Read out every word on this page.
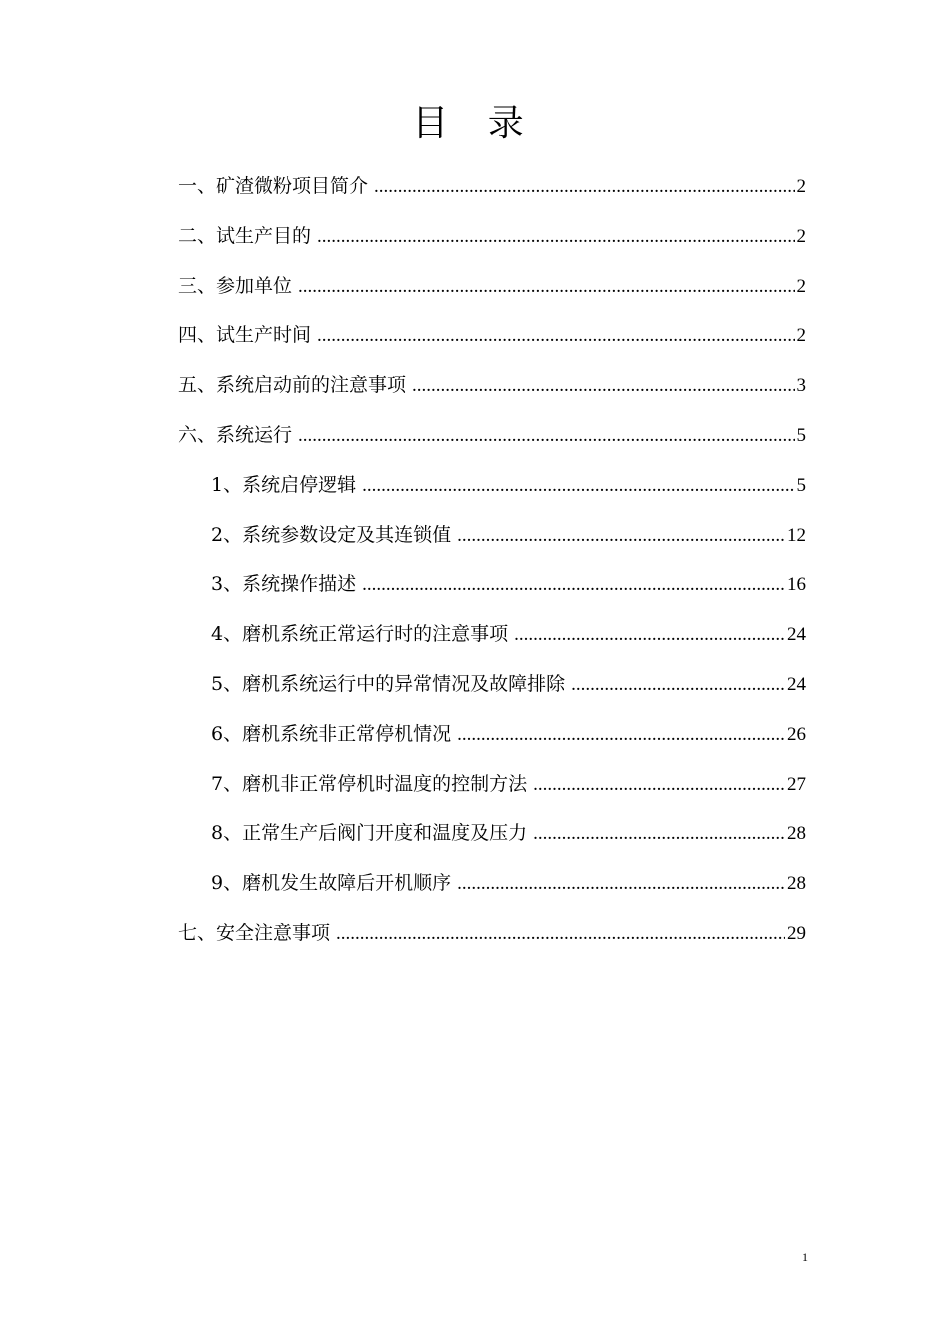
目 录
一、矿渣微粉项目简介 .....	2
二、试生产目的 .....	2
三、参加单位 .....	2
四、试生产时间 .....	2
五、系统启动前的注意事项 .....	3
六、系统运行 .....	5
1、系统启停逻辑 .....	5
2、系统参数设定及其连锁值 .....	12
3、系统操作描述 .....	16
4、磨机系统正常运行时的注意事项 .....	24
5、磨机系统运行中的异常情况及故障排除 .....	24
6、磨机系统非正常停机情况 .....	26
7、磨机非正常停机时温度的控制方法 .....	27
8、正常生产后阀门开度和温度及压力 .....	28
9、磨机发生故障后开机顺序 .....	28
七、安全注意事项 .....	29
1
